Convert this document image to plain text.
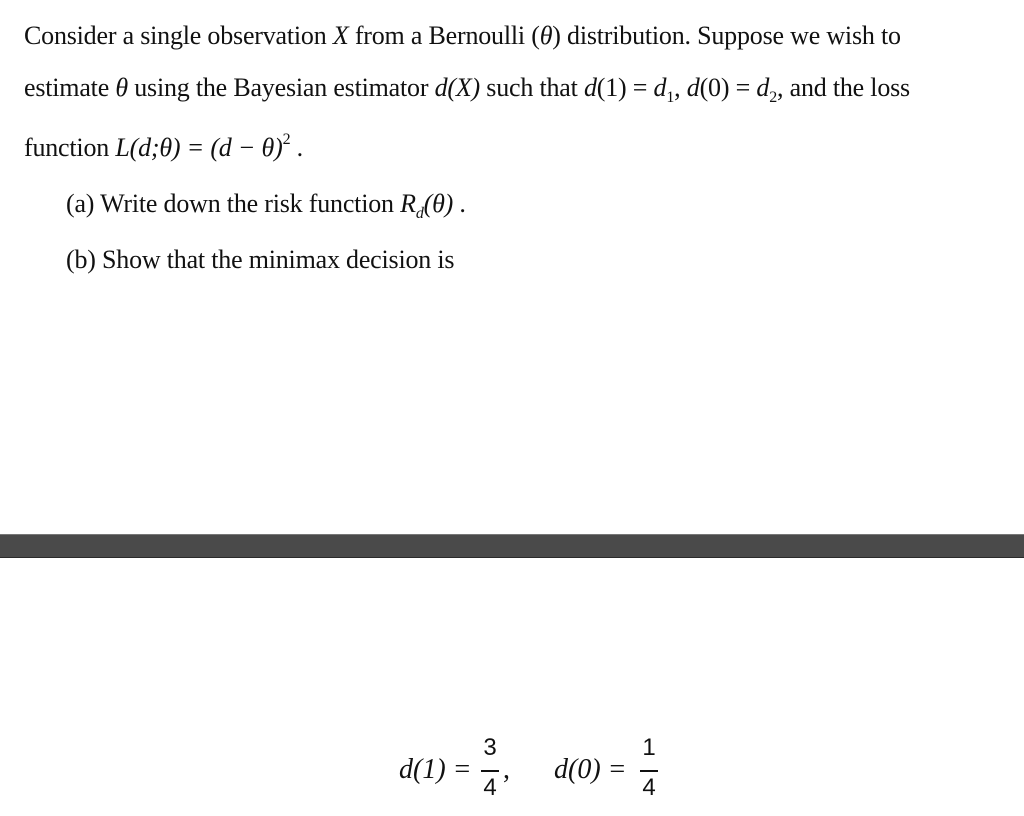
Consider a single observation X from a Bernoulli (θ) distribution. Suppose we wish to
estimate θ using the Bayesian estimator d(X) such that $d(1) = d_1$, $d(0) = d_2$, and the loss
function L(d;θ) = $(d - \theta)^2$ .
(a) Write down the risk function $R_d(\theta)$ .
(b) Show that the minimax decision is
d(1) =
3
4
, d(0) =
1
4
